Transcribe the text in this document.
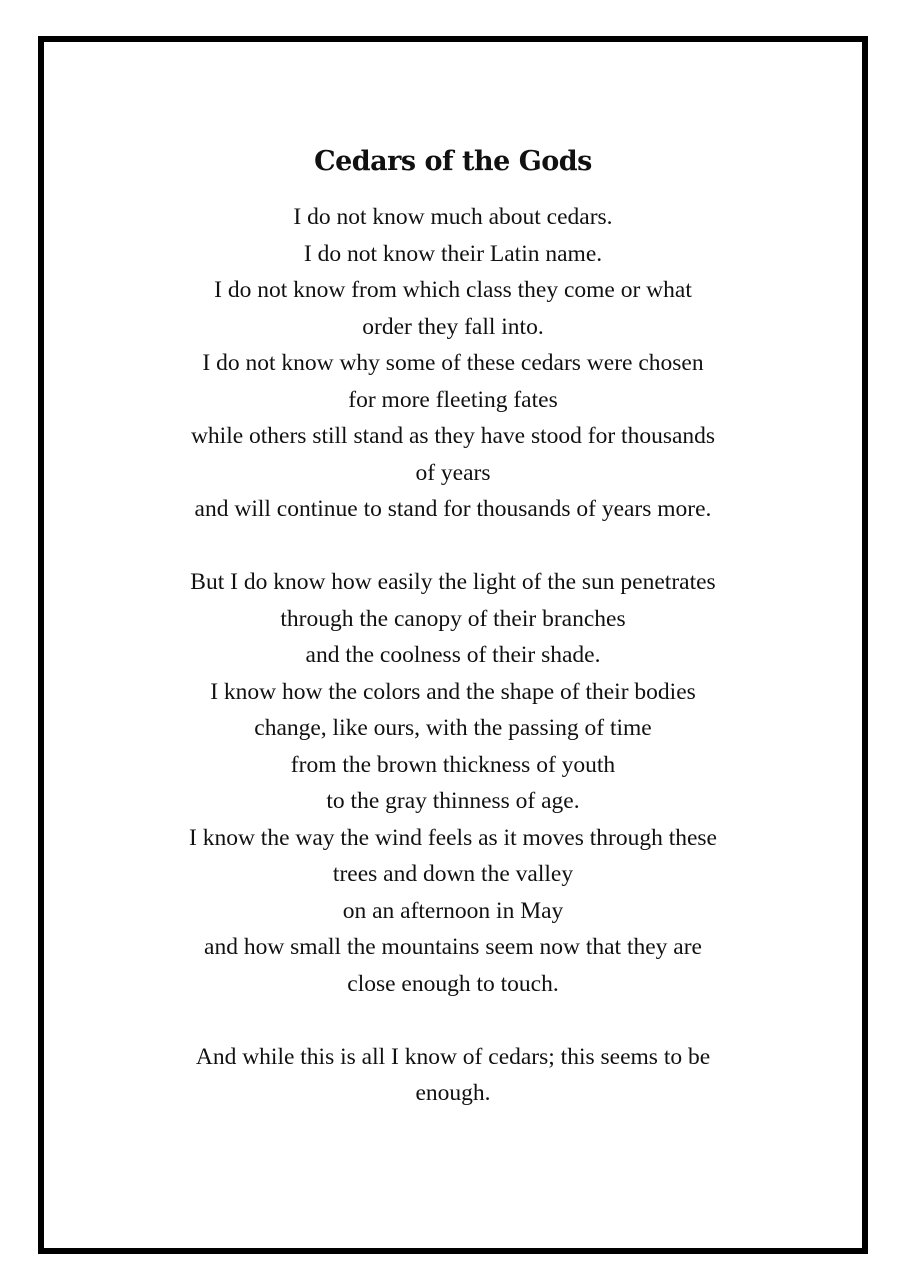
Cedars of the Gods
I do not know much about cedars.
I do not know their Latin name.
I do not know from which class they come or what
order they fall into.
I do not know why some of these cedars were chosen
for more fleeting fates
while others still stand as they have stood for thousands
of years
and will continue to stand for thousands of years more.
But I do know how easily the light of the sun penetrates
through the canopy of their branches
and the coolness of their shade.
I know how the colors and the shape of their bodies
change, like ours, with the passing of time
from the brown thickness of youth
to the gray thinness of age.
I know the way the wind feels as it moves through these
trees and down the valley
on an afternoon in May
and how small the mountains seem now that they are
close enough to touch.
And while this is all I know of cedars; this seems to be
enough.
